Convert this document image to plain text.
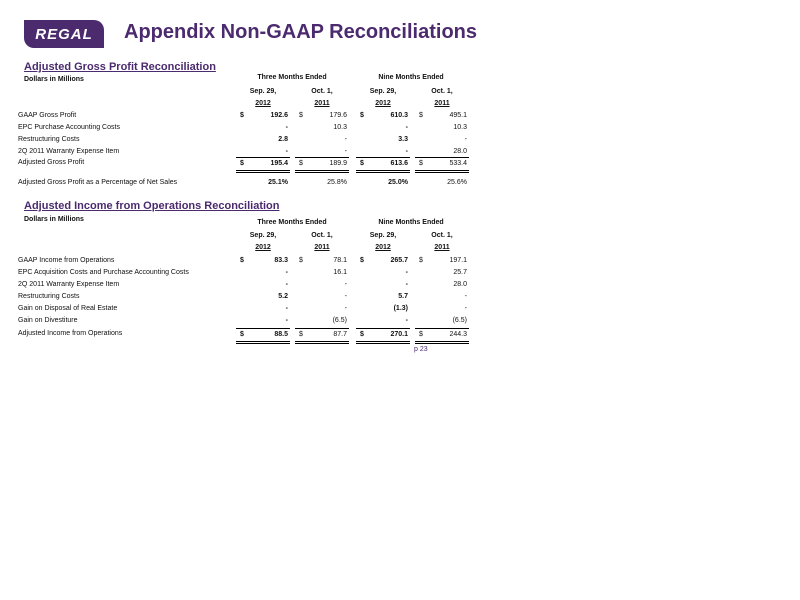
REGAL Appendix Non-GAAP Reconciliations
Adjusted Gross Profit Reconciliation
Dollars in Millions	Three Months Ended	Nine Months Ended
Sep. 29,	Oct. 1,	Sep. 29,	Oct. 1,
2012	2011	2012	2011
GAAP Gross Profit	$	192.6 $	179.6 $	610.3 $	495.1
EPC Purchase Accounting Costs	-	10.3	-	10.3
Restructuring Costs	2.8	-	3.3	-
2Q 2011 Warranty Expense Item	-	-	-	28.0
Adjusted Gross Profit	$	195.4 $	189.9 $	613.6 $	533.4
Adjusted Gross Profit as a Percentage of Net Sales	25.1%	25.8%	25.0%	25.6%
Adjusted Income from Operations Reconciliation
Dollars in Millions	Three Months Ended	Nine Months Ended
Sep. 29,	Oct. 1,	Sep. 29,	Oct. 1,
2012	2011	2012	2011
GAAP Income from Operations	$	83.3 $	78.1 $	265.7 $	197.1
EPC Acquisition Costs and Purchase Accounting Costs	-	16.1	-	25.7
2Q 2011 Warranty Expense Item	-	-	-	28.0
Restructuring Costs	5.2	-	5.7	-
Gain on Disposal of Real Estate	-	-	(1.3)	-
Gain on Divestiture	-	(6.5)	-	(6.5)
Adjusted Income from Operations	$	88.5 $	87.7 $	270.1 $	244.3
p 23
